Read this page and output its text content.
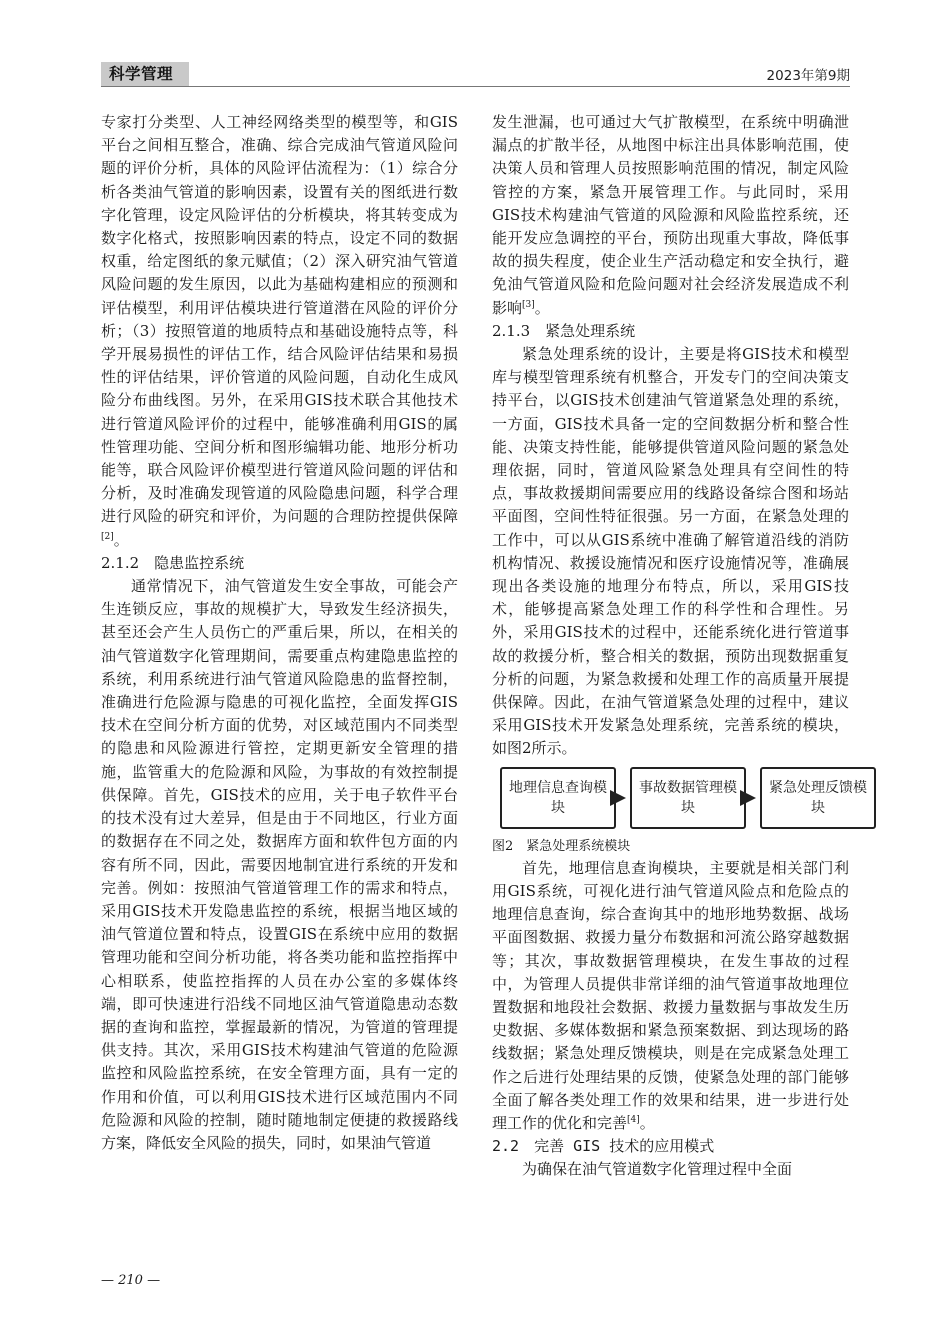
科学管理	2023年第9期

专家打分类型、人工神经网络类型的模型等，和GIS平台之间相互整合，准确、综合完成油气管道风险问题的评价分析，具体的风险评估流程为：（1）综合分析各类油气管道的影响因素，设置有关的图纸进行数字化管理，设定风险评估的分析模块，将其转变成为数字化格式，按照影响因素的特点，设定不同的数据权重，给定图纸的象元赋值；（2）深入研究油气管道风险问题的发生原因，以此为基础构建相应的预测和评估模型，利用评估模块进行管道潜在风险的评价分析；（3）按照管道的地质特点和基础设施特点等，科学开展易损性的评估工作，结合风险评估结果和易损性的评估结果，评价管道的风险问题，自动化生成风险分布曲线图。另外，在采用GIS技术联合其他技术进行管道风险评价的过程中，能够准确利用GIS的属性管理功能、空间分析和图形编辑功能、地形分析功能等，联合风险评价模型进行管道风险问题的评估和分析，及时准确发现管道的风险隐患问题，科学合理进行风险的研究和评价，为问题的合理防控提供保障[2]。

2.1.2　隐患监控系统

通常情况下，油气管道发生安全事故，可能会产生连锁反应，事故的规模扩大，导致发生经济损失，甚至还会产生人员伤亡的严重后果，所以，在相关的油气管道数字化管理期间，需要重点构建隐患监控的系统，利用系统进行油气管道风险隐患的监督控制，准确进行危险源与隐患的可视化监控，全面发挥GIS技术在空间分析方面的优势，对区域范围内不同类型的隐患和风险源进行管控，定期更新安全管理的措施，监管重大的危险源和风险，为事故的有效控制提供保障。首先，GIS技术的应用，关于电子软件平台的技术没有过大差异，但是由于不同地区，行业方面的数据存在不同之处，数据库方面和软件包方面的内容有所不同，因此，需要因地制宜进行系统的开发和完善。例如：按照油气管道管理工作的需求和特点，采用GIS技术开发隐患监控的系统，根据当地区域的油气管道位置和特点，设置GIS在系统中应用的数据管理功能和空间分析功能，将各类功能和监控指挥中心相联系，使监控指挥的人员在办公室的多媒体终端，即可快速进行沿线不同地区油气管道隐患动态数据的查询和监控，掌握最新的情况，为管道的管理提供支持。其次，采用GIS技术构建油气管道的危险源监控和风险监控系统，在安全管理方面，具有一定的作用和价值，可以利用GIS技术进行区域范围内不同危险源和风险的控制，随时随地制定便捷的救援路线方案，降低安全风险的损失，同时，如果油气管道

发生泄漏，也可通过大气扩散模型，在系统中明确泄漏点的扩散半径，从地图中标注出具体影响范围，使决策人员和管理人员按照影响范围的情况，制定风险管控的方案，紧急开展管理工作。与此同时，采用GIS技术构建油气管道的风险源和风险监控系统，还能开发应急调控的平台，预防出现重大事故，降低事故的损失程度，使企业生产活动稳定和安全执行，避免油气管道风险和危险问题对社会经济发展造成不利影响[3]。

2.1.3　紧急处理系统

紧急处理系统的设计，主要是将GIS技术和模型库与模型管理系统有机整合，开发专门的空间决策支持平台，以GIS技术创建油气管道紧急处理的系统，一方面，GIS技术具备一定的空间数据分析和整合性能、决策支持性能，能够提供管道风险问题的紧急处理依据，同时，管道风险紧急处理具有空间性的特点，事故救援期间需要应用的线路设备综合图和场站平面图，空间性特征很强。另一方面，在紧急处理的工作中，可以从GIS系统中准确了解管道沿线的消防机构情况、救援设施情况和医疗设施情况等，准确展现出各类设施的地理分布特点，所以，采用GIS技术，能够提高紧急处理工作的科学性和合理性。另外，采用GIS技术的过程中，还能系统化进行管道事故的救援分析，整合相关的数据，预防出现数据重复分析的问题，为紧急救援和处理工作的高质量开展提供保障。因此，在油气管道紧急处理的过程中，建议采用GIS技术开发紧急处理系统，完善系统的模块，如图2所示。

地理信息查询模块
事故数据管理模块
紧急处理反馈模块

图2　紧急处理系统模块

首先，地理信息查询模块，主要就是相关部门利用GIS系统，可视化进行油气管道风险点和危险点的地理信息查询，综合查询其中的地形地势数据、战场平面图数据、救援力量分布数据和河流公路穿越数据等；其次，事故数据管理模块，在发生事故的过程中，为管理人员提供非常详细的油气管道事故地理位置数据和地段社会数据、救援力量数据与事故发生历史数据、多媒体数据和紧急预案数据、到达现场的路线数据；紧急处理反馈模块，则是在完成紧急处理工作之后进行处理结果的反馈，使紧急处理的部门能够全面了解各类处理工作的效果和结果，进一步进行处理工作的优化和完善[4]。

2.2　完善 GIS 技术的应用模式

为确保在油气管道数字化管理过程中全面

— 210 —
